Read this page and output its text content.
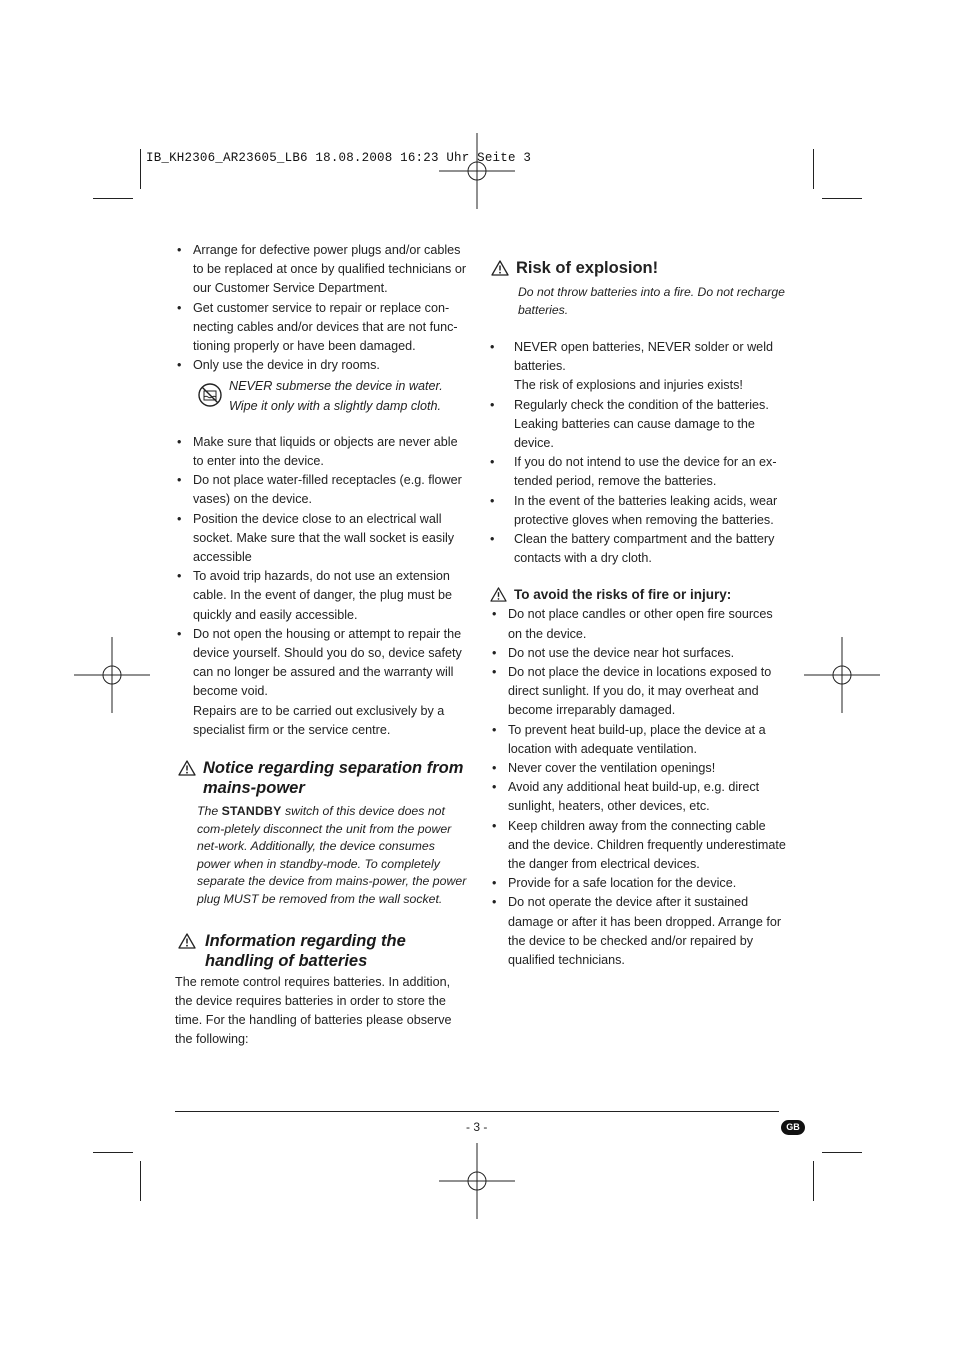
IB_KH2306_AR23605_LB6 18.08.2008 16:23 Uhr Seite 3
• Arrange for defective power plugs and/or cables to be replaced at once by qualified technicians or our Customer Service Department.
• Get customer service to repair or replace con-necting cables and/or devices that are not func-tioning properly or have been damaged.
• Only use the device in dry rooms.
NEVER submerse the device in water. Wipe it only with a slightly damp cloth.
• Make sure that liquids or objects are never able to enter into the device.
• Do not place water-filled receptacles (e.g. flower vases) on the device.
• Position the device close to an electrical wall socket. Make sure that the wall socket is easily accessible
• To avoid trip hazards, do not use an extension cable. In the event of danger, the plug must be quickly and easily accessible.
• Do not open the housing or attempt to repair the device yourself. Should you do so, device safety can no longer be assured and the warranty will become void.

Repairs are to be carried out exclusively by a specialist firm or the service centre.

Notice regarding separation from mains-power

The STANDBY switch of this device does not com-pletely disconnect the unit from the power net-work. Additionally, the device consumes power when in standby-mode. To completely separate the device from mains-power, the power plug MUST be removed from the wall socket.

Information regarding the handling of batteries

The remote control requires batteries. In addition, the device requires batteries in order to store the time. For the handling of batteries please observe the following:

Risk of explosion!

Do not throw batteries into a fire. Do not recharge batteries.

• NEVER open batteries, NEVER solder or weld batteries.

The risk of explosions and injuries exists!

• Regularly check the condition of the batteries. Leaking batteries can cause damage to the device.
• If you do not intend to use the device for an ex-tended period, remove the batteries.
• In the event of the batteries leaking acids, wear protective gloves when removing the batteries.
• Clean the battery compartment and the battery contacts with a dry cloth.
To avoid the risks of fire or injury:
• Do not place candles or other open fire sources on the device.
• Do not use the device near hot surfaces.
• Do not place the device in locations exposed to direct sunlight. If you do, it may overheat and become irreparably damaged.
• To prevent heat build-up, place the device at a location with adequate ventilation.
• Never cover the ventilation openings!
• Avoid any additional heat build-up, e.g. direct sunlight, heaters, other devices, etc.
• Keep children away from the connecting cable and the device. Children frequently underestimate the danger from electrical devices.
• Provide for a safe location for the device.
• Do not operate the device after it sustained damage or after it has been dropped. Arrange for the device to be checked and/or repaired by qualified technicians.
- 3 -	GB
